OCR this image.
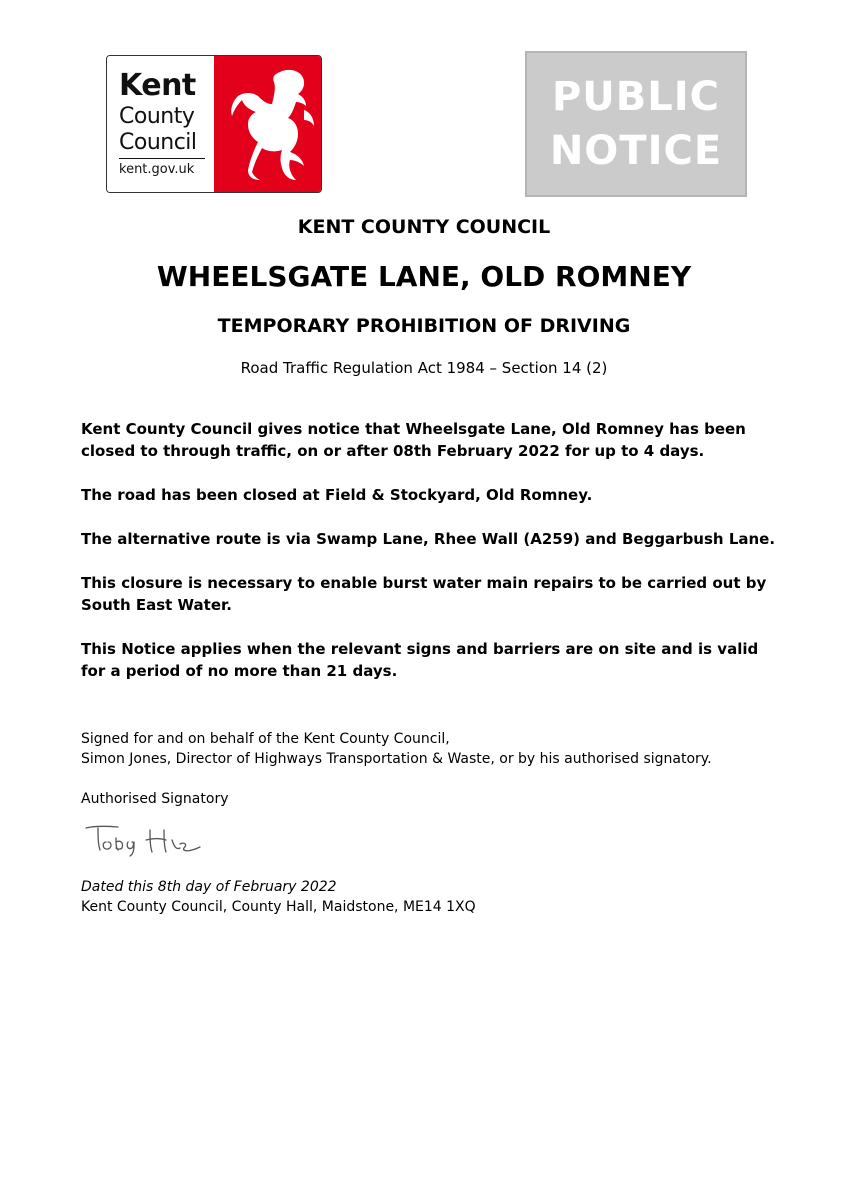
Kent
County
Council
kent.gov.uk
PUBLIC
NOTICE
KENT COUNTY COUNCIL
WHEELSGATE LANE, OLD ROMNEY
TEMPORARY PROHIBITION OF DRIVING

Road Traffic Regulation Act 1984 – Section 14 (2)

Kent County Council gives notice that Wheelsgate Lane, Old Romney has been closed to through traffic, on or after 08th February 2022 for up to 4 days.

The road has been closed at Field & Stockyard, Old Romney.

The alternative route is via Swamp Lane, Rhee Wall (A259) and Beggarbush Lane.

This closure is necessary to enable burst water main repairs to be carried out by South East Water.

This Notice applies when the relevant signs and barriers are on site and is valid for a period of no more than 21 days.

Signed for and on behalf of the Kent County Council,
Simon Jones, Director of Highways Transportation & Waste, or by his authorised signatory.

Authorised Signatory

Dated this 8th day of February 2022
Kent County Council, County Hall, Maidstone, ME14 1XQ
